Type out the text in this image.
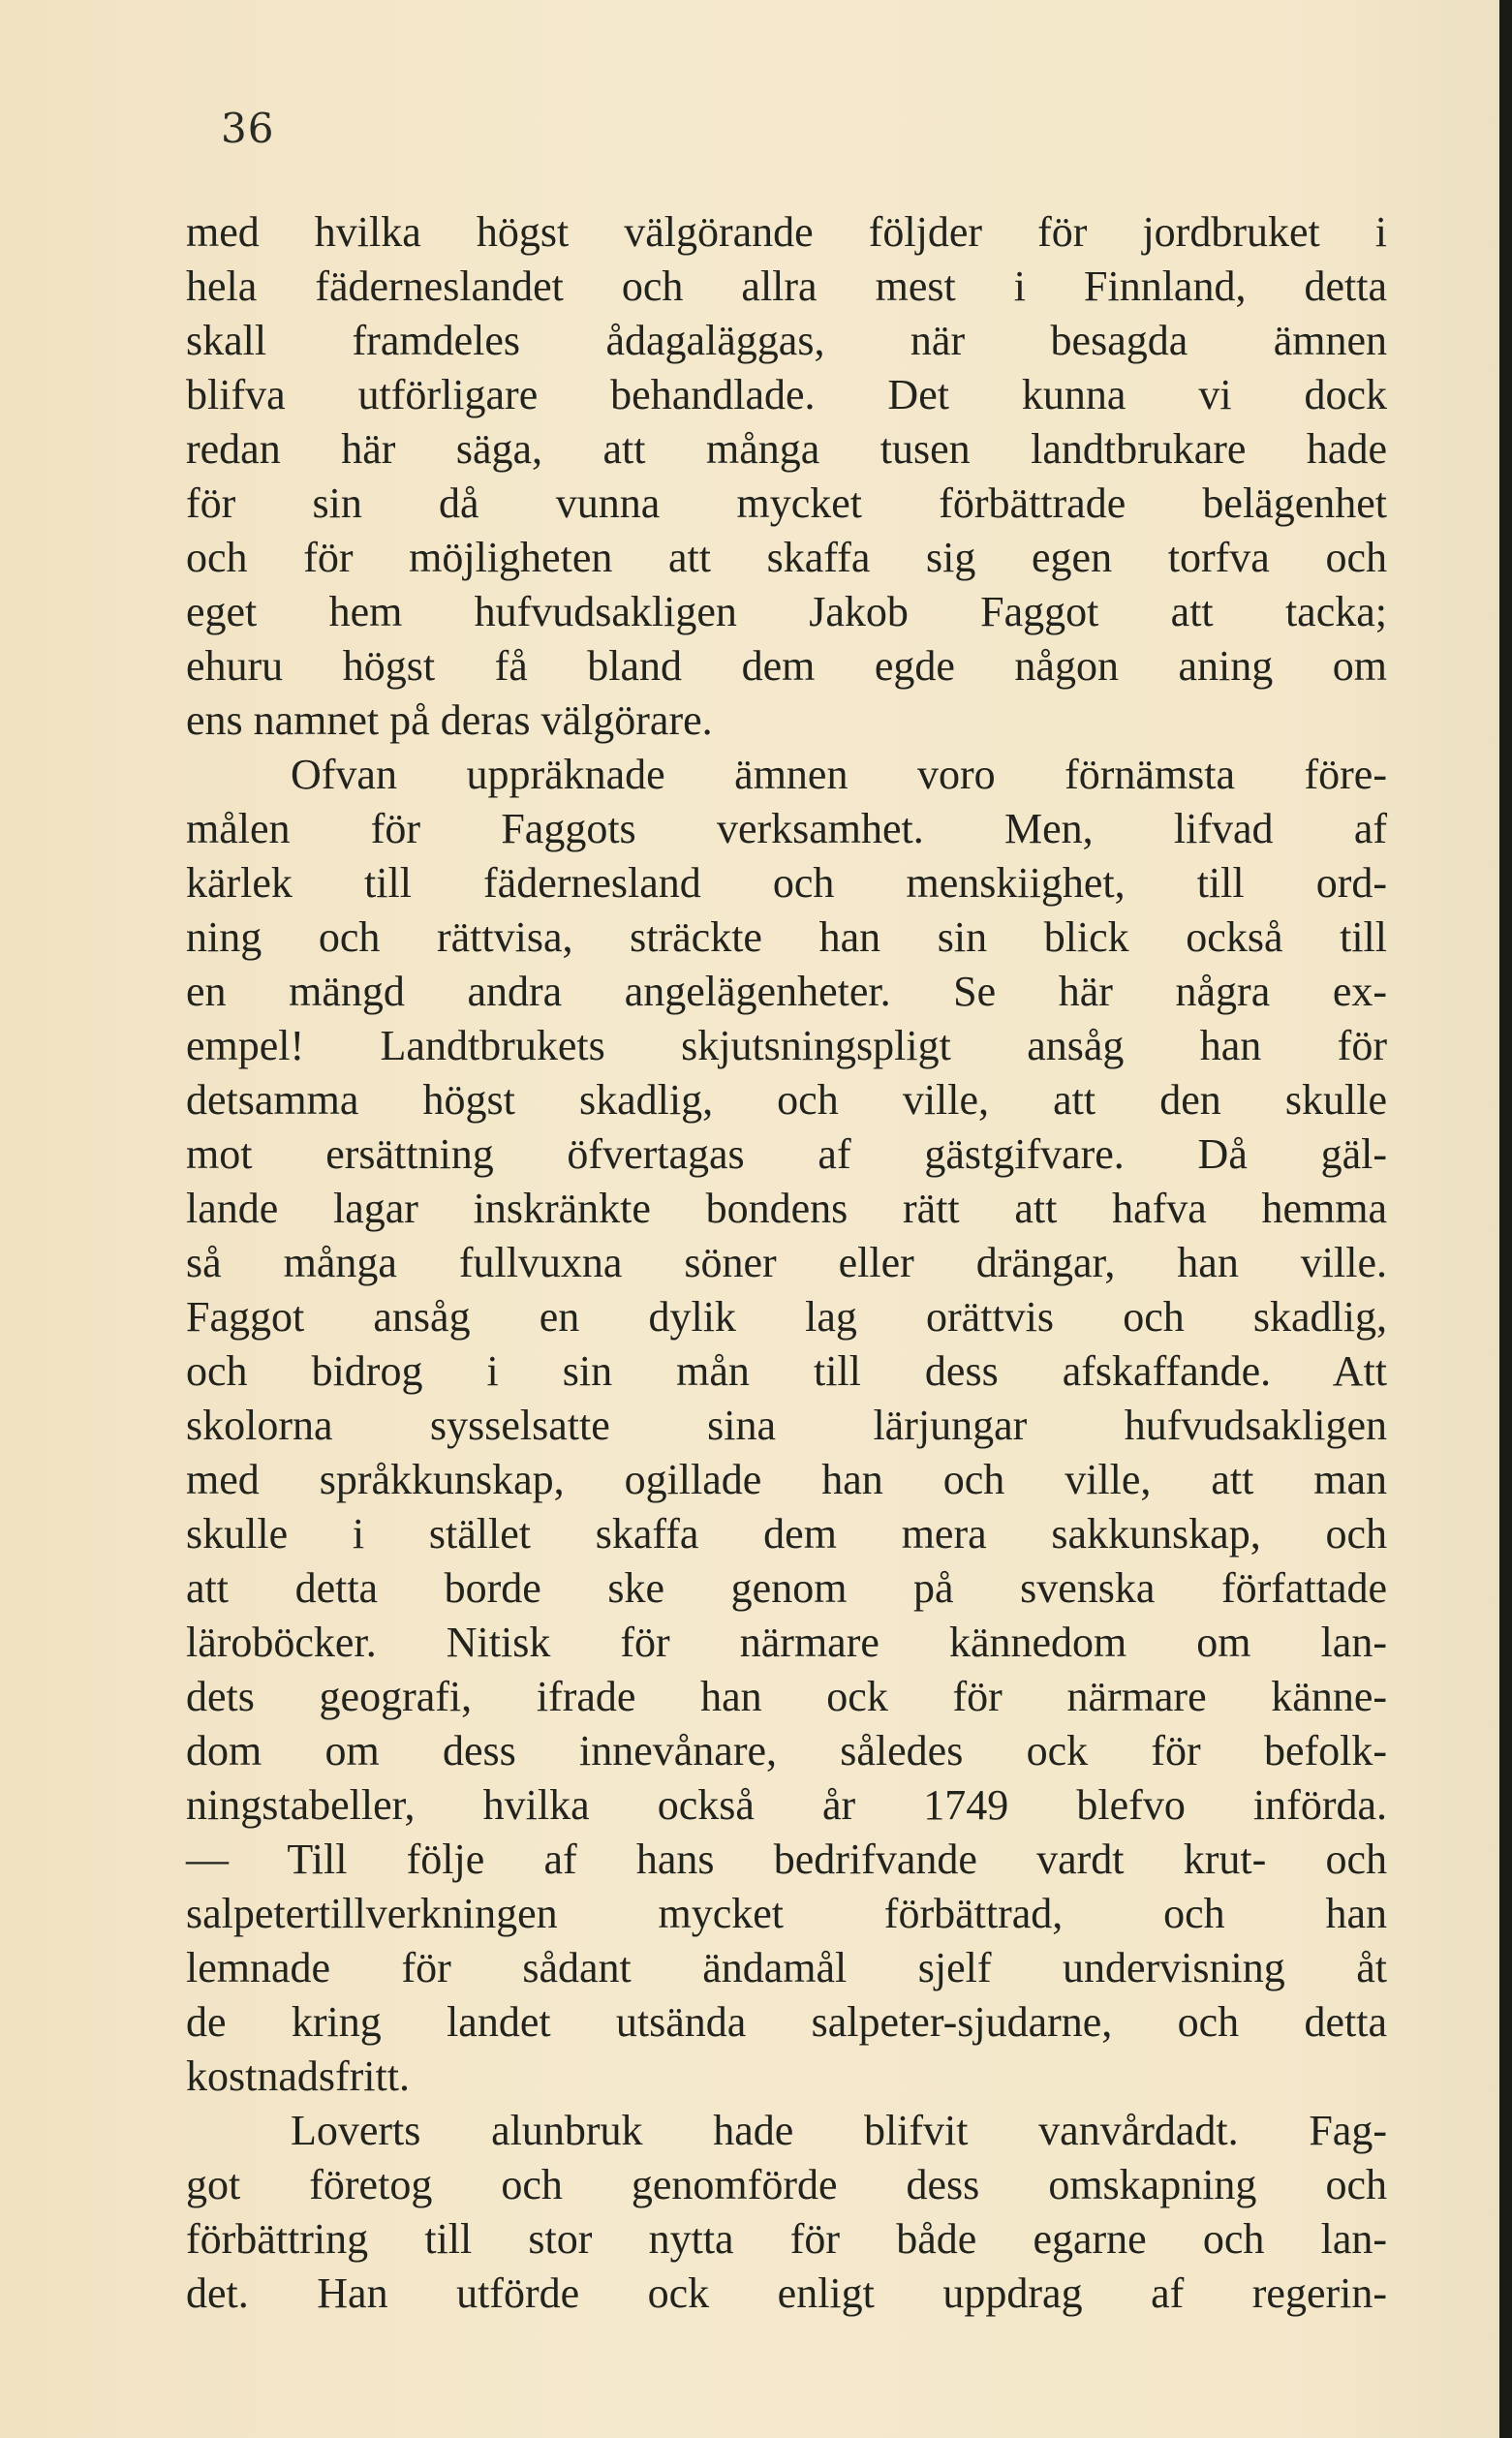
36
med hvilka högst välgörande följder för jordbruket i
hela fäderneslandet och allra mest i Finnland, detta
skall framdeles ådagaläggas, när besagda ämnen
blifva utförligare behandlade. Det kunna vi dock
redan här säga, att många tusen landtbrukare hade
för sin då vunna mycket förbättrade belägenhet
och för möjligheten att skaffa sig egen torfva och
eget hem hufvudsakligen Jakob Faggot att tacka;
ehuru högst få bland dem egde någon aning om
ens namnet på deras välgörare.
Ofvan uppräknade ämnen voro förnämsta före-
målen för Faggots verksamhet. Men, lifvad af
kärlek till fädernesland och menskiighet, till ord-
ning och rättvisa, sträckte han sin blick också till
en mängd andra angelägenheter. Se här några ex-
empel! Landtbrukets skjutsningspligt ansåg han för
detsamma högst skadlig, och ville, att den skulle
mot ersättning öfvertagas af gästgifvare. Då gäl-
lande lagar inskränkte bondens rätt att hafva hemma
så många fullvuxna söner eller drängar, han ville.
Faggot ansåg en dylik lag orättvis och skadlig,
och bidrog i sin mån till dess afskaffande. Att
skolorna sysselsatte sina lärjungar hufvudsakligen
med språkkunskap, ogillade han och ville, att man
skulle i stället skaffa dem mera sakkunskap, och
att detta borde ske genom på svenska författade
läroböcker. Nitisk för närmare kännedom om lan-
dets geografi, ifrade han ock för närmare känne-
dom om dess innevånare, således ock för befolk-
ningstabeller, hvilka också år 1749 blefvo införda.
— Till följe af hans bedrifvande vardt krut- och
salpetertillverkningen mycket förbättrad, och han
lemnade för sådant ändamål sjelf undervisning åt
de kring landet utsända salpeter-sjudarne, och detta
kostnadsfritt.
Loverts alunbruk hade blifvit vanvårdadt. Fag-
got företog och genomförde dess omskapning och
förbättring till stor nytta för både egarne och lan-
det. Han utförde ock enligt uppdrag af regerin-
